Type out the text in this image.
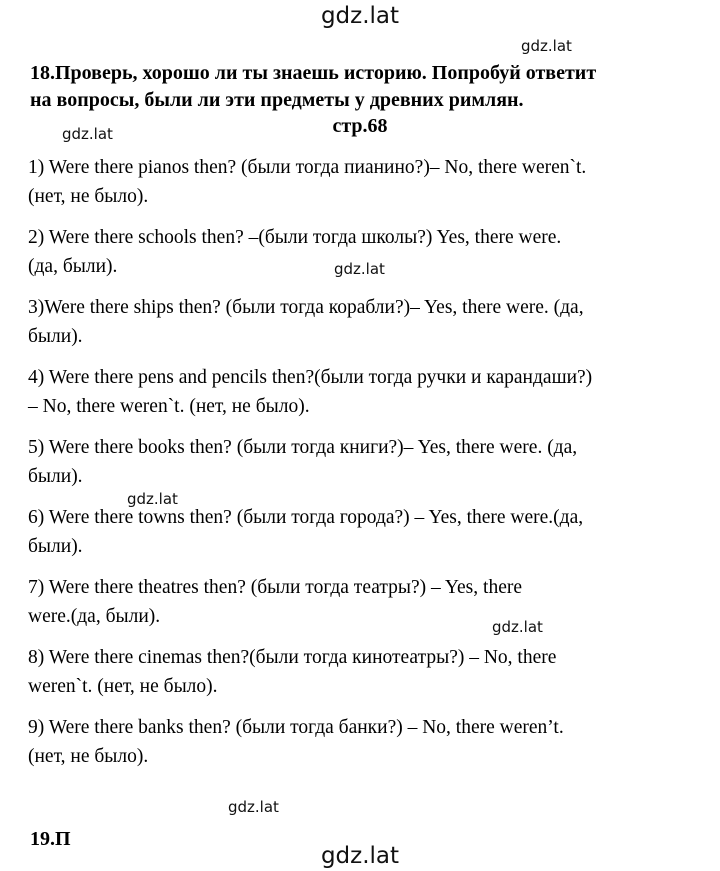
gdz.lat
gdz.lat
gdz.lat
gdz.lat
gdz.lat
gdz.lat
gdz.lat
gdz.lat
18.Проверь, хорошо ли ты знаешь историю. Попробуй ответит
на вопросы, были ли эти предметы у древних римлян.
стр.68
1) Were there pianos then? (были тогда пианино?)– No, there weren`t.
(нет, не было).
2) Were there schools then? –(были тогда школы?) Yes, there were.
(да, были).
3)Were there ships then? (были тогда корабли?)– Yes, there were. (да,
были).
4) Were there pens and pencils then?(были тогда ручки и карандаши?)
– No, there weren`t. (нет, не было).
5) Were there books then? (были тогда книги?)– Yes, there were. (да,
были).
6) Were there towns then? (были тогда города?) – Yes, there were.(да,
были).
7) Were there theatres then? (были тогда театры?) – Yes, there
were.(да, были).
8) Were there cinemas then?(были тогда кинотеатры?) – No, there
weren`t. (нет, не было).
9) Were there banks then? (были тогда банки?) – No, there weren’t.
(нет, не было).
19.П
